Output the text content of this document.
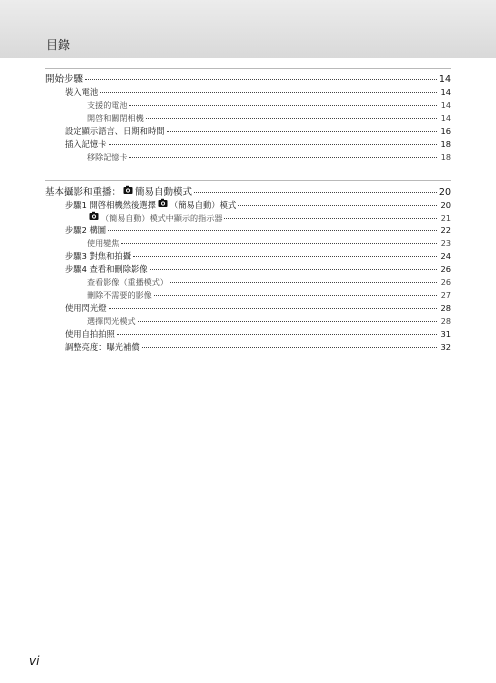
目錄
開始步驟	14
裝入電池	14
支援的電池	14
開啓和關閉相機	14
設定顯示語言、日期和時間	16
插入記憶卡	18
移除記憶卡	18
基本攝影和重播： 簡易自動模式	20
步驟1 開啓相機然後選擇 （簡易自動）模式	20
（簡易自動）模式中顯示的指示器	21
步驟2 構圖	22
使用變焦	23
步驟3 對焦和拍攝	24
步驟4 查看和刪除影像	26
查看影像（重播模式）	26
刪除不需要的影像	27
使用閃光燈	28
選擇閃光模式	28
使用自拍拍照	31
調整亮度：曝光補償	32
vi
